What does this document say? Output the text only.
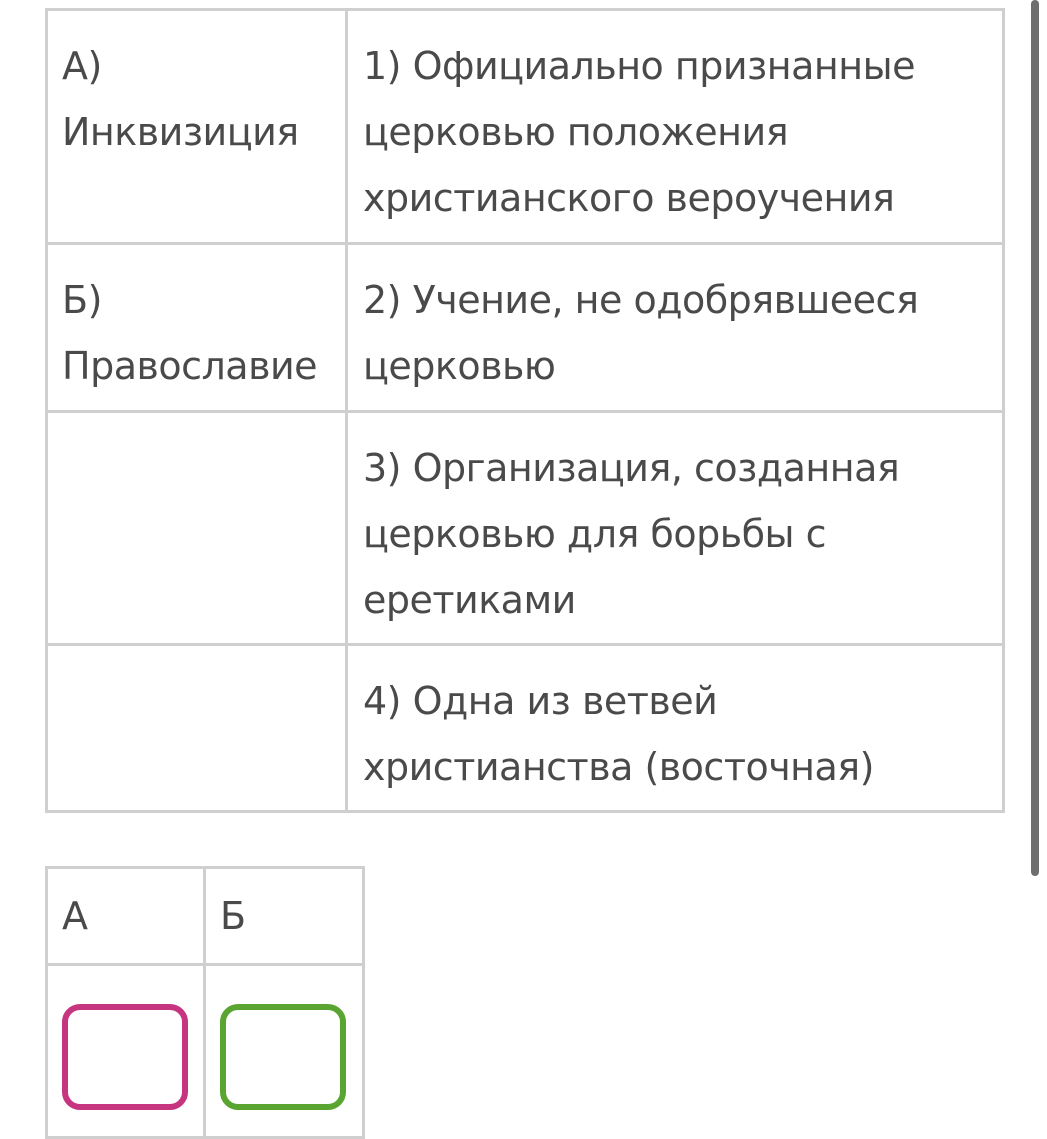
А)
Инквизиция	1) Официально признанные
церковью положения
христианского вероучения

Б)
Православие	2) Учение, не одобрявшееся
церковью

	3) Организация, созданная
церковью для борьбы с
еретиками

	4) Одна из ветвей
христианства (восточная)
А	Б
